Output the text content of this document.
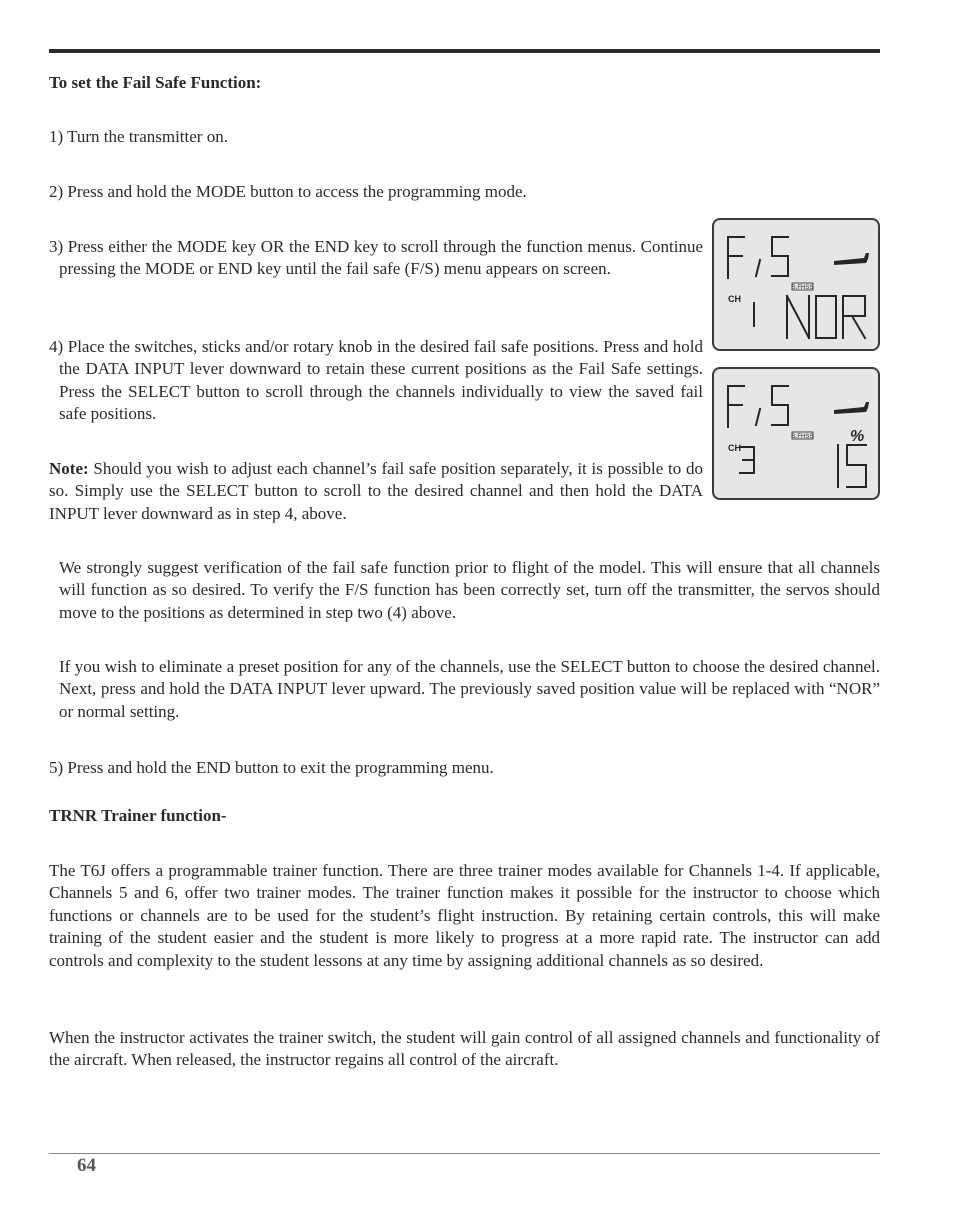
To set the Fail Safe Function:
1) Turn the transmitter on.
2) Press and hold the MODE button to access the programming mode.
3) Press either the MODE key OR the END key to scroll through the function menus. Continue pressing the MODE or END key until the fail safe (F/S) menu appears on screen.
4) Place the switches, sticks and/or rotary knob in the desired fail safe positions. Press and hold the DATA INPUT lever downward to retain these current positions as the Fail Safe settings. Press the SELECT button to scroll through the channels individually to view the saved fail safe positions.
Note: Should you wish to adjust each channel’s fail safe position separately, it is possible to do so. Simply use the SELECT button to scroll to the desired channel and then hold the DATA INPUT lever downward as in step 4, above.
We strongly suggest verification of the fail safe function prior to flight of the model. This will ensure that all channels will function as so desired. To verify the F/S function has been correctly set, turn off the transmitter, the servos should move to the positions as determined in step two (4) above.
If you wish to eliminate a preset position for any of the channels, use the SELECT button to choose the desired channel. Next, press and hold the DATA INPUT lever upward. The previously saved position value will be replaced with “NOR” or normal setting.
5) Press and hold the END button to exit the programming menu.
TRNR Trainer function-
The T6J offers a programmable trainer function. There are three trainer modes available for Channels 1-4. If applicable, Channels 5 and 6, offer two trainer modes. The trainer function makes it possible for the instructor to choose which functions or channels are to be used for the student’s flight instruction. By retaining certain controls, this will make training of the student easier and the student is more likely to progress at a more rapid rate. The instructor can add controls and complexity to the student lessons at any time by assigning additional channels as so desired.
When the instructor activates the trainer switch, the student will gain control of all assigned channels and functionality of the aircraft. When released, the instructor regains all control of the aircraft.
S.FHSS
CH
S.FHSS
CH
%
64
